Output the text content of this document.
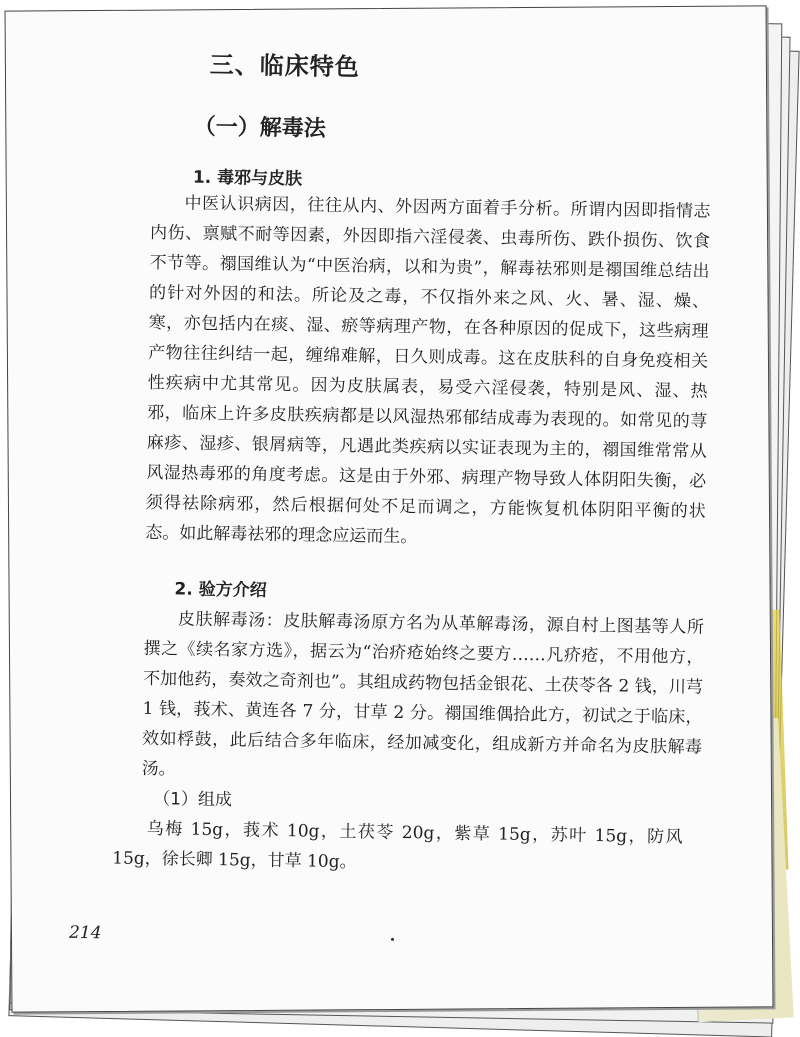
三、临床特色
（一）解毒法
1. 毒邪与皮肤
中医认识病因，往往从内、外因两方面着手分析。所谓内因即指情志内伤、禀赋不耐等因素，外因即指六淫侵袭、虫毒所伤、跌仆损伤、饮食不节等。禤国维认为“中医治病，以和为贵”，解毒祛邪则是禤国维总结出的针对外因的和法。所论及之毒，不仅指外来之风、火、暑、湿、燥、寒，亦包括内在痰、湿、瘀等病理产物，在各种原因的促成下，这些病理产物往往纠结一起，缠绵难解，日久则成毒。这在皮肤科的自身免疫相关性疾病中尤其常见。因为皮肤属表，易受六淫侵袭，特别是风、湿、热邪，临床上许多皮肤疾病都是以风湿热邪郁结成毒为表现的。如常见的荨麻疹、湿疹、银屑病等，凡遇此类疾病以实证表现为主的，禤国维常常从风湿热毒邪的角度考虑。这是由于外邪、病理产物导致人体阴阳失衡，必须得祛除病邪，然后根据何处不足而调之，方能恢复机体阴阳平衡的状态。如此解毒祛邪的理念应运而生。
2. 验方介绍
皮肤解毒汤：皮肤解毒汤原方名为从革解毒汤，源自村上图基等人所撰之《续名家方选》，据云为“治疥疮始终之要方……凡疥疮，不用他方，不加他药，奏效之奇剂也”。其组成药物包括金银花、土茯苓各 2 钱，川芎 1 钱，莪术、黄连各 7 分，甘草 2 分。禤国维偶拾此方，初试之于临床，效如桴鼓，此后结合多年临床，经加减变化，组成新方并命名为皮肤解毒汤。
（1）组成
乌梅 15g，莪术 10g，土茯苓 20g，紫草 15g，苏叶 15g，防风 15g，徐长卿 15g，甘草 10g。
214
